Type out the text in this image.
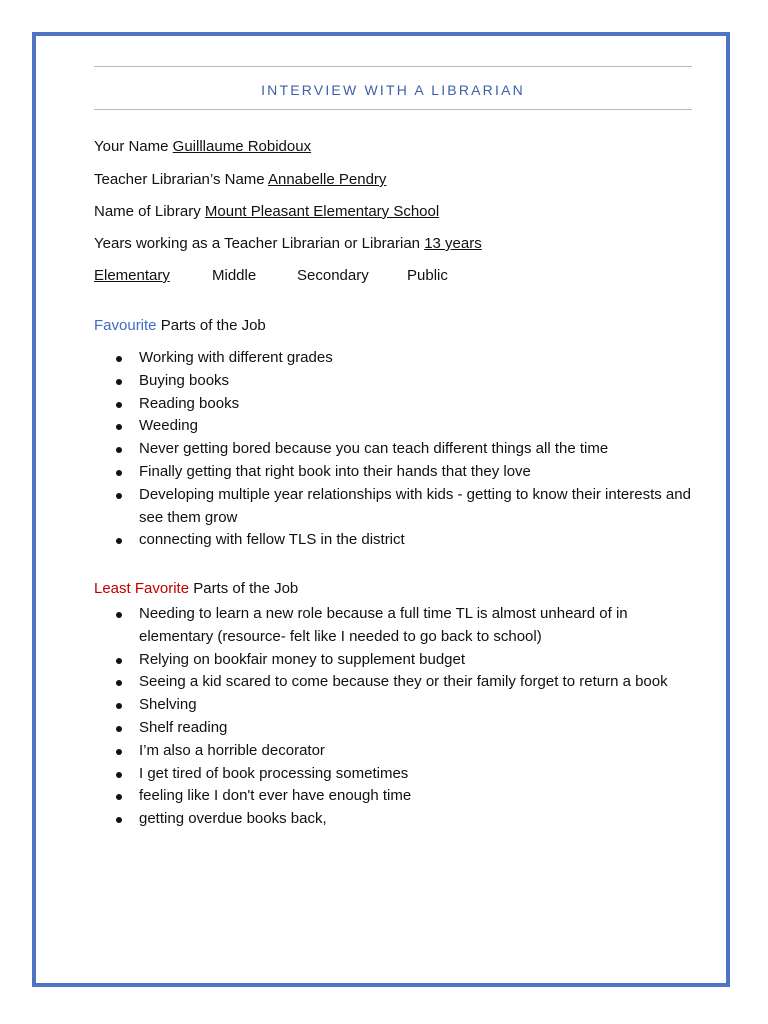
INTERVIEW WITH A LIBRARIAN
Your Name Guilllaume Robidoux
Teacher Librarian’s Name Annabelle Pendry
Name of Library Mount Pleasant Elementary School
Years working as a Teacher Librarian or Librarian 13 years
Elementary	Middle	Secondary	Public
Favourite Parts of the Job
Working with different grades
Buying books
Reading books
Weeding
Never getting bored because you can teach different things all the time
Finally getting that right book into their hands that they love
Developing multiple year relationships with kids - getting to know their interests and see them grow
connecting with fellow TLS in the district
Least Favorite Parts of the Job
Needing to learn a new role because a full time TL is almost unheard of in elementary (resource- felt like I needed to go back to school)
Relying on bookfair money to supplement budget
Seeing a kid scared to come because they or their family forget to return a book
Shelving
Shelf reading
I’m also a horrible decorator
I get tired of book processing sometimes
feeling like I don't ever have enough time
getting overdue books back,
